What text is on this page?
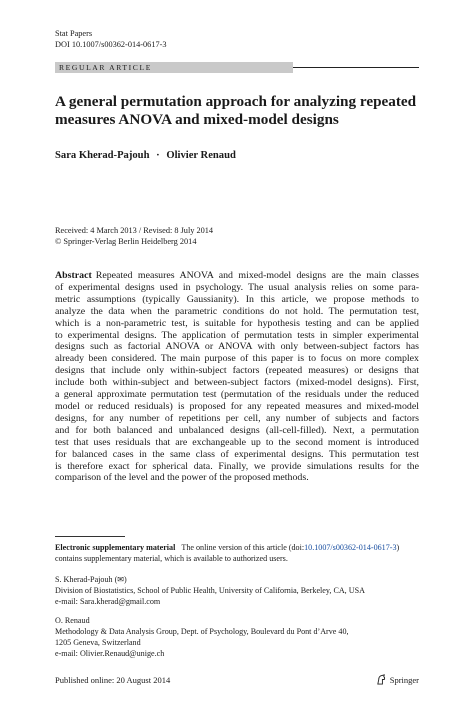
Stat Papers
DOI 10.1007/s00362-014-0617-3
REGULAR ARTICLE
A general permutation approach for analyzing repeated
measures ANOVA and mixed-model designs
Sara Kherad-Pajouh · Olivier Renaud
Received: 4 March 2013 / Revised: 8 July 2014
© Springer-Verlag Berlin Heidelberg 2014
Abstract Repeated measures ANOVA and mixed-model designs are the main classes
of experimental designs used in psychology. The usual analysis relies on some para-
metric assumptions (typically Gaussianity). In this article, we propose methods to
analyze the data when the parametric conditions do not hold. The permutation test,
which is a non-parametric test, is suitable for hypothesis testing and can be applied
to experimental designs. The application of permutation tests in simpler experimental
designs such as factorial ANOVA or ANOVA with only between-subject factors has
already been considered. The main purpose of this paper is to focus on more complex
designs that include only within-subject factors (repeated measures) or designs that
include both within-subject and between-subject factors (mixed-model designs). First,
a general approximate permutation test (permutation of the residuals under the reduced
model or reduced residuals) is proposed for any repeated measures and mixed-model
designs, for any number of repetitions per cell, any number of subjects and factors
and for both balanced and unbalanced designs (all-cell-filled). Next, a permutation
test that uses residuals that are exchangeable up to the second moment is introduced
for balanced cases in the same class of experimental designs. This permutation test
is therefore exact for spherical data. Finally, we provide simulations results for the
comparison of the level and the power of the proposed methods.
Electronic supplementary material The online version of this article (doi:10.1007/s00362-014-0617-3)
contains supplementary material, which is available to authorized users.
S. Kherad-Pajouh (✉)
Division of Biostatistics, School of Public Health, University of California, Berkeley, CA, USA
e-mail: Sara.kherad@gmail.com
O. Renaud
Methodology & Data Analysis Group, Dept. of Psychology, Boulevard du Pont d’Arve 40,
1205 Geneva, Switzerland
e-mail: Olivier.Renaud@unige.ch
Published online: 20 August 2014	Springer
